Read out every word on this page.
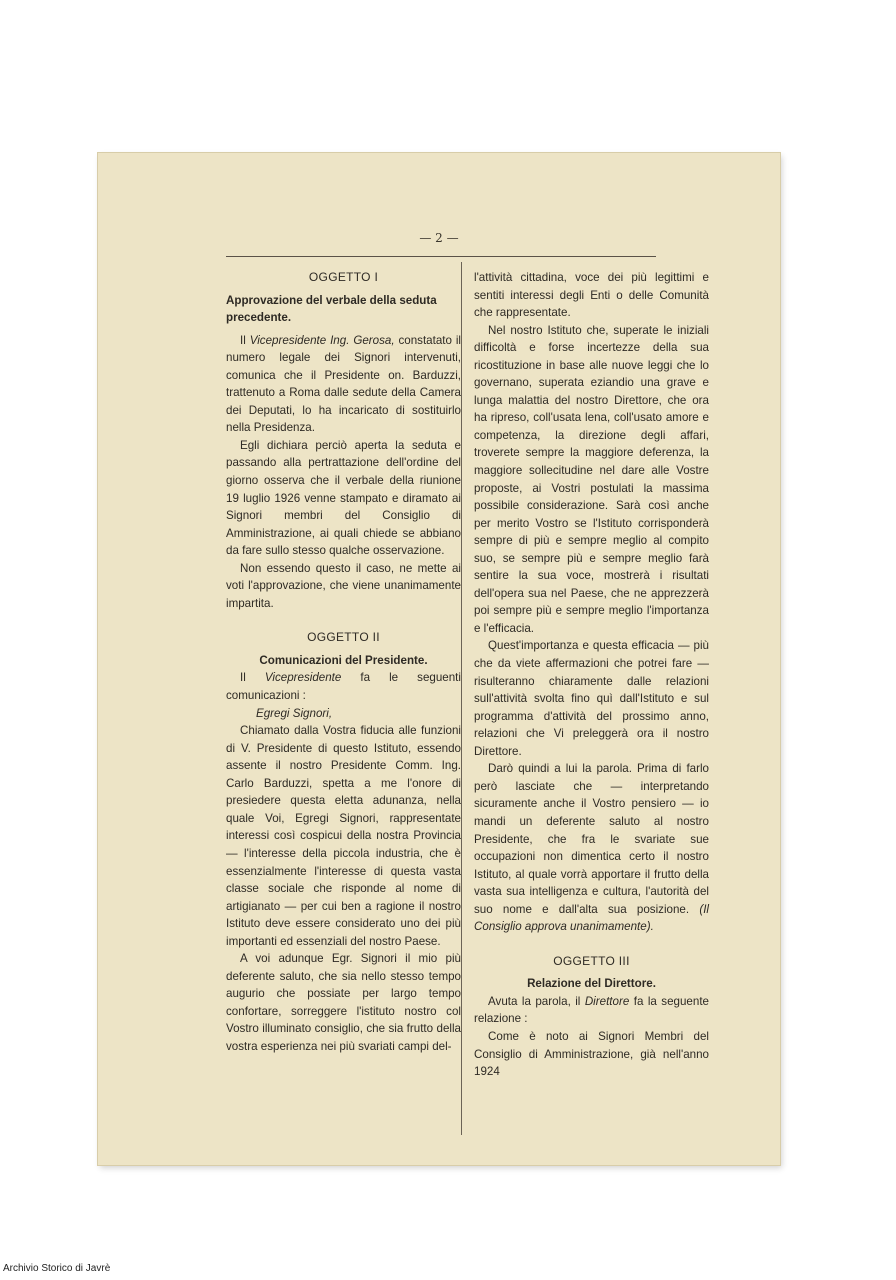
— 2 —

OGGETTO I

Approvazione del verbale della seduta precedente.

Il Vicepresidente Ing. Gerosa, constatato il numero legale dei Signori intervenuti, comunica che il Presidente on. Barduzzi, trattenuto a Roma dalle sedute della Camera dei Deputati, lo ha incaricato di sostituirlo nella Presidenza.

Egli dichiara perciò aperta la seduta e passando alla pertrattazione dell'ordine del giorno osserva che il verbale della riunione 19 luglio 1926 venne stampato e diramato ai Signori membri del Consiglio di Amministrazione, ai quali chiede se abbiano da fare sullo stesso qualche osservazione.

Non essendo questo il caso, ne mette ai voti l'approvazione, che viene unanimamente impartita.

OGGETTO II

Comunicazioni del Presidente.

Il Vicepresidente fa le seguenti comunicazioni :

Egregi Signori,

Chiamato dalla Vostra fiducia alle funzioni di V. Presidente di questo Istituto, essendo assente il nostro Presidente Comm. Ing. Carlo Barduzzi, spetta a me l'onore di presiedere questa eletta adunanza, nella quale Voi, Egregi Signori, rappresentate interessi così cospicui della nostra Provincia — l'interesse della piccola industria, che è essenzialmente l'interesse di questa vasta classe sociale che risponde al nome di artigianato — per cui ben a ragione il nostro Istituto deve essere considerato uno dei più importanti ed essenziali del nostro Paese.

A voi adunque Egr. Signori il mio più deferente saluto, che sia nello stesso tempo augurio che possiate per largo tempo confortare, sorreggere l'istituto nostro col Vostro illuminato consiglio, che sia frutto della vostra esperienza nei più svariati campi del-

l'attività cittadina, voce dei più legittimi e sentiti interessi degli Enti o delle Comunità che rappresentate.

Nel nostro Istituto che, superate le iniziali difficoltà e forse incertezze della sua ricostituzione in base alle nuove leggi che lo governano, superata eziandio una grave e lunga malattia del nostro Direttore, che ora ha ripreso, coll'usata lena, coll'usato amore e competenza, la direzione degli affari, troverete sempre la maggiore deferenza, la maggiore sollecitudine nel dare alle Vostre proposte, ai Vostri postulati la massima possibile considerazione. Sarà così anche per merito Vostro se l'Istituto corrisponderà sempre di più e sempre meglio al compito suo, se sempre più e sempre meglio farà sentire la sua voce, mostrerà i risultati dell'opera sua nel Paese, che ne apprezzerà poi sempre più e sempre meglio l'importanza e l'efficacia.

Quest'importanza e questa efficacia — più che da viete affermazioni che potrei fare — risulteranno chiaramente dalle relazioni sull'attività svolta fino quì dall'Istituto e sul programma d'attività del prossimo anno, relazioni che Vi preleggerà ora il nostro Direttore.

Darò quindi a lui la parola. Prima di farlo però lasciate che — interpretando sicuramente anche il Vostro pensiero — io mandi un deferente saluto al nostro Presidente, che fra le svariate sue occupazioni non dimentica certo il nostro Istituto, al quale vorrà apportare il frutto della vasta sua intelligenza e cultura, l'autorità del suo nome e dall'alta sua posizione. (Il Consiglio approva unanimamente).

OGGETTO III

Relazione del Direttore.

Avuta la parola, il Direttore fa la seguente relazione :

Come è noto ai Signori Membri del Consiglio di Amministrazione, già nell'anno 1924

Archivio Storico di Javrè
